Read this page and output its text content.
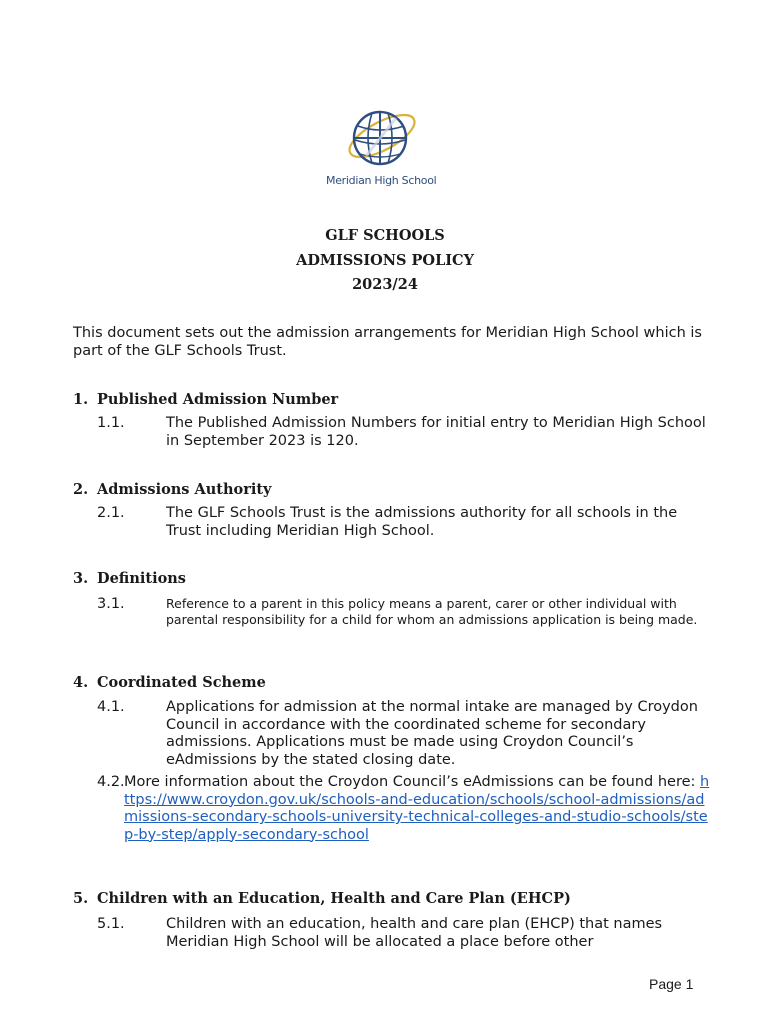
Meridian High School
GLF SCHOOLS
ADMISSIONS POLICY
2023/24
This document sets out the admission arrangements for Meridian High School which is part of the GLF Schools Trust.
1. Published Admission Number
1.1.	The Published Admission Numbers for initial entry to Meridian High School in September 2023 is 120.
2. Admissions Authority
2.1.	The GLF Schools Trust is the admissions authority for all schools in the Trust including Meridian High School.
3. Definitions
3.1.	Reference to a parent in this policy means a parent, carer or other individual with parental responsibility for a child for whom an admissions application is being made.
4. Coordinated Scheme
4.1.	Applications for admission at the normal intake are managed by Croydon Council in accordance with the coordinated scheme for secondary admissions. Applications must be made using Croydon Council’s eAdmissions by the stated closing date.
4.2. More information about the Croydon Council’s eAdmissions can be found here: https://www.croydon.gov.uk/schools-and-education/schools/school-admissions/admissions-secondary-schools-university-technical-colleges-and-studio-schools/step-by-step/apply-secondary-school
5. Children with an Education, Health and Care Plan (EHCP)
5.1.	Children with an education, health and care plan (EHCP) that names Meridian High School will be allocated a place before other
Page 1
